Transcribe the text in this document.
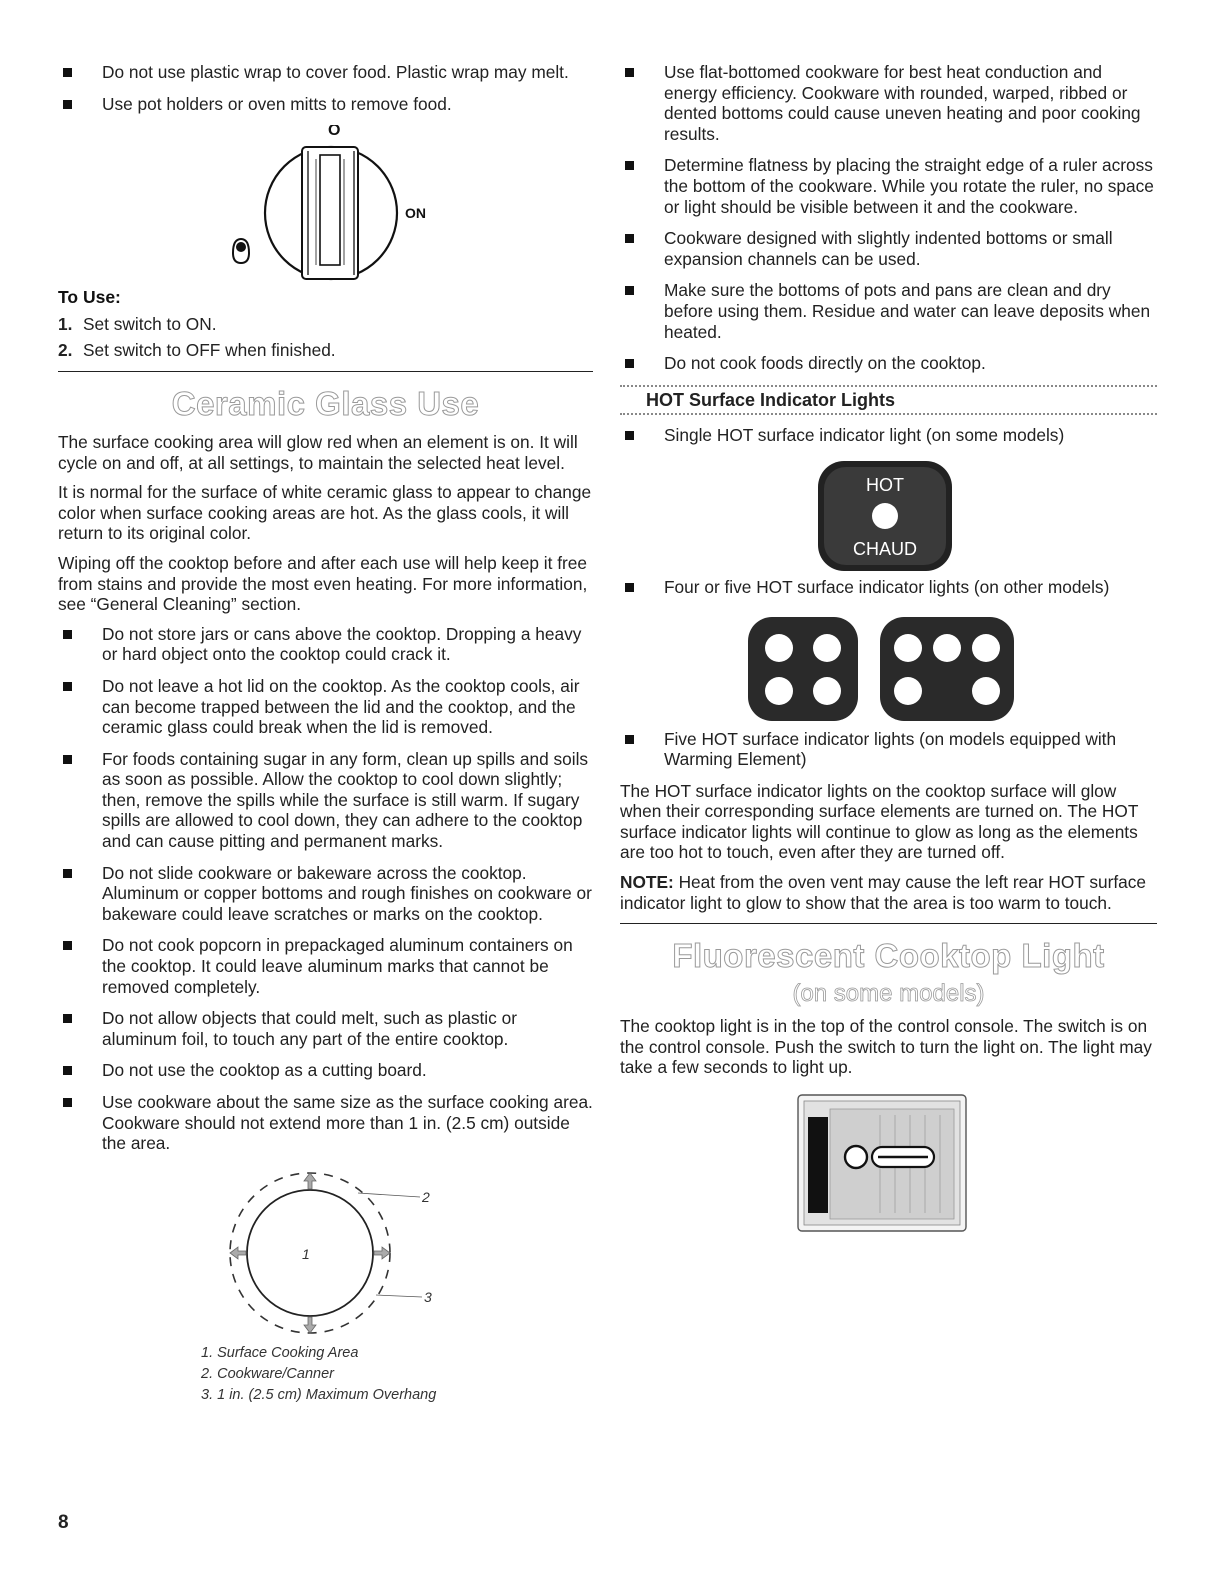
Do not use plastic wrap to cover food. Plastic wrap may melt.
Use pot holders or oven mitts to remove food.
O
ON
To Use:
1. Set switch to ON.
2. Set switch to OFF when finished.
Ceramic Glass Use

The surface cooking area will glow red when an element is on. It will cycle on and off, at all settings, to maintain the selected heat level.

It is normal for the surface of white ceramic glass to appear to change color when surface cooking areas are hot. As the glass cools, it will return to its original color.

Wiping off the cooktop before and after each use will help keep it free from stains and provide the most even heating. For more information, see “General Cleaning” section.

Do not store jars or cans above the cooktop. Dropping a heavy or hard object onto the cooktop could crack it.
Do not leave a hot lid on the cooktop. As the cooktop cools, air can become trapped between the lid and the cooktop, and the ceramic glass could break when the lid is removed.
For foods containing sugar in any form, clean up spills and soils as soon as possible. Allow the cooktop to cool down slightly; then, remove the spills while the surface is still warm. If sugary spills are allowed to cool down, they can adhere to the cooktop and can cause pitting and permanent marks.
Do not slide cookware or bakeware across the cooktop. Aluminum or copper bottoms and rough finishes on cookware or bakeware could leave scratches or marks on the cooktop.
Do not cook popcorn in prepackaged aluminum containers on the cooktop. It could leave aluminum marks that cannot be removed completely.
Do not allow objects that could melt, such as plastic or aluminum foil, to touch any part of the entire cooktop.
Do not use the cooktop as a cutting board.
Use cookware about the same size as the surface cooking area. Cookware should not extend more than 1 in. (2.5 cm) outside the area.
1
2
3
1. Surface Cooking Area
2. Cookware/Canner
3. 1 in. (2.5 cm) Maximum Overhang
Use flat-bottomed cookware for best heat conduction and energy efficiency. Cookware with rounded, warped, ribbed or dented bottoms could cause uneven heating and poor cooking results.
Determine flatness by placing the straight edge of a ruler across the bottom of the cookware. While you rotate the ruler, no space or light should be visible between it and the cookware.
Cookware designed with slightly indented bottoms or small expansion channels can be used.
Make sure the bottoms of pots and pans are clean and dry before using them. Residue and water can leave deposits when heated.
Do not cook foods directly on the cooktop.
HOT Surface Indicator Lights
Single HOT surface indicator light (on some models)
HOT
CHAUD
Four or five HOT surface indicator lights (on other models)
Five HOT surface indicator lights (on models equipped with Warming Element)

The HOT surface indicator lights on the cooktop surface will glow when their corresponding surface elements are turned on. The HOT surface indicator lights will continue to glow as long as the elements are too hot to touch, even after they are turned off.

NOTE: Heat from the oven vent may cause the left rear HOT surface indicator light to glow to show that the area is too warm to touch.

Fluorescent Cooktop Light
(on some models)

The cooktop light is in the top of the control console. The switch is on the control console. Push the switch to turn the light on. The light may take a few seconds to light up.

8
